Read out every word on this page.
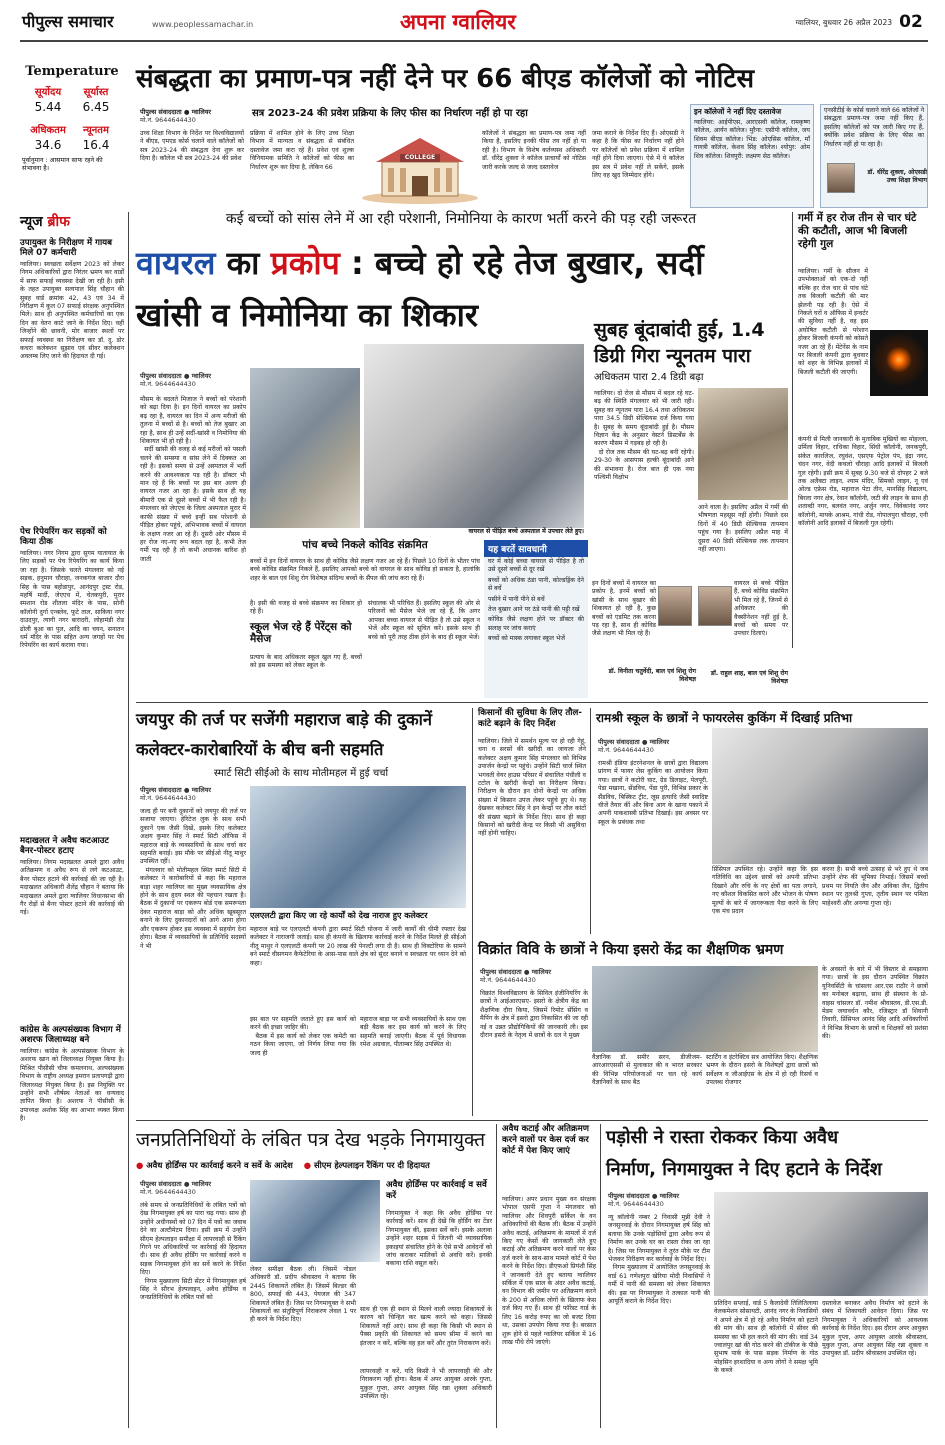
पीपुल्स समाचार	www.peoplessamachar.in	अपना ग्वालियर	ग्वालियर, बुधवार 26 अप्रैल 2023 02
Temperature
सूर्योदय	सूर्यास्त
5.44	6.45
अधिकतम	न्यूनतम
34.6	16.4
पूर्वानुमान : आसमान साफ रहने की संभावना है।
संबद्धता का प्रमाण-पत्र नहीं देने पर 66 बीएड कॉलेजों को नोटिस
पीपुल्स संवाददाता ● ग्वालियर
मो.नं. 9644644430
सत्र 2023-24 की प्रवेश प्रक्रिया के लिए फीस का निर्धारण नहीं हो पा रहा
उच्च शिक्षा विभाग के निर्देश पर विश्वविद्यालयों ने बीएड, एमएड कोर्स चलाने वाले कॉलेजों को सत्र 2023-24 की संबद्धता देना शुरू कर दिया है। कॉलेज भी सत्र 2023-24 की प्रवेश
प्रक्रिया में शामिल होने के लिए उच्च शिक्षा विभाग में मान्यता व संबद्धता से संबंधित दस्तावेज जमा करा रहे हैं। प्रवेश एवं शुल्क विनियामक समिति ने कॉलेजों को फीस का निर्धारण शुरू कर दिया है, लेकिन 66
COLLEGE
कॉलेजों ने संबद्धता का प्रमाण-पत्र जमा नहीं किया है, इसलिए इनकी फीस तय नहीं हो पा रही है। विभाग के विशेष कर्तव्यस्थ अधिकारी डॉ. धीरेंद्र शुक्ला ने कॉलेज प्राचार्यों को नोटिस जारी करके जल्द से जल्द दस्तावेज
जमा कराने के निर्देश दिए हैं। ओएसडी ने कहा है कि फीस का निर्धारण नहीं होने पर कॉलेजों को प्रवेश प्रक्रिया में शामिल नहीं होने दिया जाएगा। ऐसे में ये कॉलेज इस सत्र में प्रवेश नहीं ले सकेंगे, इसके लिए वह खुद जिम्मेदार होंगे।
इन कॉलेजों ने नहीं दिए दस्तावेज
ग्वालियर: आईपीएस, आरएसवी कॉलेज, रामकृष्ण कॉलेज, आर्यन कॉलेज। मुरैना: एसीपी कॉलेज, जय शिवम बीएड कॉलेज। भिंड: ओएसिस कॉलेज, माँ गायत्री कॉलेज, केशव सिंह कॉलेज। श्योपुर: ओम शिव कॉलेज। शिवपुरी: लक्ष्मण सेठ कॉलेज।
एनसीटीई के कोर्स चलाने वाले 66 कॉलेजों ने संबद्धता प्रमाण-पत्र जमा नहीं किए हैं, इसलिए कॉलेजों को पत्र जारी किए गए हैं, क्योंकि प्रवेश प्रक्रिया के लिए फीस का निर्धारण नहीं हो पा रहा है।
डॉ. धीरेंद्र शुक्ला, ओएसडी उच्च शिक्षा विभाग
न्यूज ब्रीफ
उपायुक्त के निरीक्षण में गायब मिले 07 कर्मचारी
ग्वालियर। स्वच्छता सर्वेक्षण 2023 को लेकर निगम अधिकारियों द्वारा निरंतर भ्रमण कर वार्डों में साफ सफाई व्यवस्था देखी जा रही है। इसी के तहत उपायुक्त सत्यपाल सिंह चौहान की सुबह वार्ड क्रमांक 42, 43 एवं 34 में निरीक्षण में कुल 07 सफाई संरक्षक अनुपस्थित मिले। साथ ही अनुपस्थित कर्मचारियों का एक दिन का वेतन काटे जाने के निर्देश दिए। वहीं जिन्होंने की छावनी, मोर बाजार स्थलों पर सफाई व्यवस्था का निरीक्षण कर डॉ. दु. डोर कचरा कलेक्शन सुझाव एवं सीवर कलेक्शन अवलम्ब लिए जाने की हिदायत दी गई।
पेच रिपेयरिंग कर सड़कों को किया ठीक
ग्वालियर। नगर निगम द्वारा सुगम यातायात के लिए सड़कों पर पेच रिपेयरिंग का कार्य किया जा रहा है। जिसके चलते मंगलवार को नई सड़क, हनुमान चौराहा, जनकगंज बाजार दौरा सिह के पास बहोडापुर, आनंदपुर ट्रस्ट रोड, महर्षि मार्दी, जेएएच में, चेतकपुरी, मुरार स्मशान रोड शीतला मंदिर के पास, सोनी कॉलोनी दुर्गा एन्क्लेव, फूटे ताल, साकिया नगर दाउदपुर, त्यागी नगर बारादरी, लोहामंडी रोड ढोली बुआ का पुल, आदि का चयन, सनातन धर्म मंदिर के पास सहित अन्य जगहों पर पेच रिपेयरिंग का कार्य कराया गया।
मदाखलत ने अवैध कटआउट बैनर-पोस्टर हटाए
ग्वालियर। निगम मदाखलत अमले द्वारा अवैध अतिक्रमण व अवैध रूप से लगे कटआउट, बैनर पोस्टर हटाने की कार्रवाई की जा रही है। मदाखलत अधिकारी शैलेंद्र चौहान ने बताया कि मदाखलत अमले द्वारा ग्वालियर विधानसभा की गैर रोड़ों से बैनर पोस्टर हटाने की कार्रवाई की गई।
कांग्रेस के अल्पसंख्यक विभाग में अशरफ जिलाध्यक्ष बने
ग्वालियर। कांग्रेस के अल्पसंख्यक विभाग के अशरफ खान को जिलाध्यक्ष नियुक्त किया है। मिश्रित पीसीसी चीफ कमलनाथ, अल्पसंख्यक विभाग के राष्ट्रीय अध्यक्ष इमरान प्रतापगढ़ी द्वारा जिलाध्यक्ष नियुक्त किया है। इस नियुक्ति पर उन्होंने सभी शीर्षस्थ नेताओं का धन्यवाद ज्ञापित किया है। अशरफ ने पीसीसी के उपाध्यक्ष अशोक सिंह का आभार व्यक्त किया है।
कई बच्चों को सांस लेने में आ रही परेशानी, निमोनिया के कारण भर्ती करने की पड़ रही जरूरत
वायरल का प्रकोप : बच्चे हो रहे तेज बुखार, सर्दी
खांसी व निमोनिया का शिकार
पीपुल्स संवाददाता ● ग्वालियर
मो.नं. 9644644430
मौसम के बदलते मिजाज ने बच्चों को परेशानी को बढ़ा दिया है। इन दिनों वायरल का प्रकोप बढ़ रहा है, वायरल का दिन में अन्य मरीजों की तुलना में बच्चों से है। बच्चों को तेज बुखार आ रहा है, साथ ही उन्हें सर्दी-खांसी व निमोनिया की शिकायत भी हो रही है।
सर्दी खांसी की वजह से कई मरीजों को पसली चलने की समस्या व सांस लेने में दिक्कत आ रही है। इसको समय से उन्हें अस्पताल में भर्ती करने की आवश्यकता पड़ रही है। डॉक्टर भी मान रहे हैं कि बच्चों पर इस बार अलग ही वायरल नजर आ रहा है। इसके साथ ही यह बीमारी एक से दूसरे बच्चों में भी फैल रही है। मंगलवार को जेएएच के जिला अस्पताल मुरार में काफी संख्या में बच्चे इन्हीं सब परेशानी से पीड़ित होकर पहुंचे, अभिभावक बच्चों में वायरल के लक्षण नजर आ रहे हैं। दूसरी ओर मौसम में हर रोज नए-नए रूप बदल रहा है, कभी तेज गर्मी पड़ रही है तो कभी अचानक बारिश हो जाती
वायरल से पीड़ित बच्चे अस्पताल में उपचार लेते हुए।
पांच बच्चे निकले कोविड संक्रमित
बच्चों में इन दिनों वायरल के साथ ही कोविड जैसे लक्षण नजर आ रहे हैं। पिछले 10 दिनों के भीतर पांच बच्चे कोविड संक्रमित निकले हैं, इसलिए आपको बच्चे को वायरल के साथ कोविड हो सकता है, हालांकि शहर के बाल एवं शिशु रोग विशेषज्ञ संदिग्ध बच्चों के सैंपल की जांच करा रहे हैं।
है। इसी की वजह से बच्चे संक्रमण का शिकार हो रहे हैं।
स्कूल भेज रहे हैं पेरेंट्स को मैसेज
प्रत्याय के बाद अधिकतर स्कूल खुल गए हैं, बच्चों को इस समस्या को लेकर स्कूल के
संचालक भी परिचित हैं। इसलिए स्कूल की ओर से परिजनों को मैसेज भेजे जा रहे हैं, कि अगर आपका बच्चा वायरल से पीड़ित है तो उसे स्कूल न भेजें और स्कूल को सूचित करें। इसके साथ ही बच्चे को पूरी तरह ठीक होने के बाद ही स्कूल भेजें।
यह बरतें सावधानी
घर में कोई बच्चा वायरल से पीड़ित है तो उसे दूसरे बच्चों से दूर रखें
बच्चों को अधिक ठंडा पानी, कोल्डड्रिंक देने से बचें
पसीने में पानी पीने से बचें
तेज बुखार आने पर ठंडे पानी की पट्टी रखें
कोविड जैसे लक्षण होने पर डॉक्टर की सलाह पर जांच कराएं
बच्चों को मास्क लगाकर स्कूल भेजें
इन दिनों बच्चों में वायरल का प्रकोप है, इनमें बच्चों को खांसी के साथ बुखार की शिकायत हो रही है, कुछ बच्चों को एडमिट तक करना पड़ रहा है, साथ ही कोविड जैसे लक्षण भी मिल रहे हैं।
डॉ. विनीता चतुर्वेदी, बाल एवं शिशु रोग विशेषज्ञ
वायरल से बच्चे पीड़ित हैं, बच्चे कोविड संक्रमित भी मिल रहे हैं, जिनमें से अधिकतर की वैक्सीनेशन नहीं हुई है, बच्चों को समय पर उपचार दिलाएं।
डॉ. राहुल शाह, बाल एवं शिशु रोग विशेषज्ञ
सुबह बूंदाबांदी हुई, 1.4
डिग्री गिरा न्यूनतम पारा
अधिकतम पारा 2.4 डिग्री बढ़ा
ग्वालियर। दो रोज से मौसम में बदल रहे घट-बढ़ की स्थिति मंगलवार को भी जारी रही। सुबह का न्यूनतम पारा 16.4 तथा अधिकतम पारा 34.5 डिग्री सेल्सियस दर्ज किया गया है। सुबह के समय बूंदाबांदी हुई है। मौसम विज्ञान केंद्र के अनुसार वेस्टर्न डिस्टर्बेंस के कारण मौसम में गड़बड़ हो रही है।
दो रोज तक मौसम की घट-बढ़ बनी रहेगी। 29-30 के आसपास हल्की बूंदाबांदी आने की संभावना है। रोज बात ही एक नया पश्चिमी विक्षोभ
आने वाला है। इसलिए अप्रैल में गर्मी की भीषणता महसूस नहीं होगी। पिछले दस दिनों में 40 डिग्री सेल्सियस तापमान पहुंच गया है। इसलिए अप्रैल माह में दूसरा 40 डिग्री सेल्सियस तक तापमान नहीं जाएगा।
गर्मी में हर रोज तीन से चार घंटे की कटौती, आज भी बिजली रहेगी गुल
ग्वालियर। गर्मी के सीजन में उपभोक्ताओं को एक-दो नहीं बल्कि हर रोज चार से पांच घंटे तक बिजली कटौती की मार झेलनी पड़ रही है। ऐसे में निकले घरों व ऑफिस में इन्वर्टर की सुविधा नहीं है, वह इस अघोषित कटौती से परेशान होकर बिजली कंपनी को कोसते नजर आ रहे हैं। मेंटेनेंस के नाम पर बिजली कंपनी द्वारा बुधवार को शहर के विभिन्न इलाकों में बिजली कटौती की जाएगी।
कंपनी से मिली जानकारी के मुताबिक मुखियों का मोहल्ला, उर्मिला विहार, राधिका विहार, सिंधी कॉलोनी, जनकपुरी, संकेत कारलिज, रघुवंश, एसएफ पेट्रोल पंप, इंद्रा नगर, चंदन नगर, वेदी कचलो चौराहा आदि इलाकों में बिजली गुल रहेगी। इसी क्रम में सुबह 9.30 बजे से दोपहर 2 बजे तक अलैक्टा लाइन, श्याम मंदिर, सिमको लाइन, नू एवं ओल्ड एफ्रेस रोड, महाराज पेटा तीन, मानसिंह विद्यालय, बिरला नगर क्षेत्र, रेवान कॉलोनी, जटी की लाइन के साथ ही शताब्दी नगर, बलवंत नगर, अर्जुन नगर, विवेकानंद नगर कॉलोनी, मायके आश्रम, गांधी रोड, गोपालपुरा चौराहा, एनी कॉलोनी आदि इलाकों में बिजली गुल रहेगी।
जयपुर की तर्ज पर सजेंगी महाराज बाड़े की दुकानें
कलेक्टर-कारोबारियों के बीच बनी सहमति
स्मार्ट सिटी सीईओ के साथ मोतीमहल में हुई चर्चा
पीपुल्स संवाददाता ● ग्वालियर
मो.नं. 9644644430
जल्द ही पर बनी दुकानों को जयपुर की तर्ज पर सजाया जाएगा। हेरिटेज लुक के साथ सभी दुकानें एक जैसी दिखें, इसके लिए कलेक्टर अक्षय कुमार सिंह ने स्मार्ट सिटी ऑफिस में महाराज बाड़े के व्यवसायियों के साथ चर्चा कर सहमति बनाई। इस मौके पर सीईओ नीतू माथुर उपस्थित रहीं।
मंगलवार को मोतीमहल स्थित स्मार्ट सिटी में कलेक्टर ने कारोबारियों से कहा कि महाराज बाड़ा शहर ग्वालियर का मुख्य व्यवसायिक क्षेत्र होने के साथ हृदय स्थल की पहचान रखता है। बैठक में दुकानों पर एकरूप बोर्ड एक समरूपता देकर महाराज बाड़ा को और अधिक खूबसूरत बनाने के लिए दुकानदारों को आगे आना होगा और एकरूप होकर इस व्यवस्था में सहयोग देना होगा। बैठक में व्यवसायियों के प्रतिनिधि सदस्यों ने भी
एलएलटी द्वारा किए जा रहे कार्यों को देख नाराज हुए कलेक्टर
महाराज बाड़े पर एलएलटी कंपनी द्वारा स्मार्ट सिटी योजना में जारी कार्यों की धीमी रफ्तार देख कलेक्टर ने नाराजगी जताई। साथ ही कंपनी के खिलाफ कार्रवाई करने के निर्देश मिलते ही सीईओ नीतू माथुर ने एलएलटी कंपनी पर 20 लाख की पेनल्टी लगा दी है। साथ ही विक्टोरिया के सामने बने स्मार्ट वीसगमन कैफेटेरिया के आस-पास वाले क्षेत्र को सुंदर बनाने व स्वच्छता पर ध्यान देने को कहा।
इस बात पर सहमति जताते हुए इस कार्य को करने की इच्छा जाहिर की।
बैठक में इस कार्य को लेकर एक कमेटी का गठन किया जाएगा, जो निर्णय लिया गया कि जल्द ही
महाराज बाड़ा पर सभी व्यवसायियों के साथ एक बड़ी बैठक कर इस कार्य को करने के लिए सहमति बनाई जाएगी। बैठक में पूर्व विधायक रमेश अग्रवाल, पीताम्बर सिंह उपस्थित थे।
किसानों की सुविधा के लिए तौल-कांटे बढ़ाने के दिए निर्देश
ग्वालियर। जिले में समर्थन मूल्य पर हो रही गेहूं, चना व सरसों की खरीदी का जायजा लेने कलेक्टर अक्षय कुमार सिंह मंगलवार को विभिन्न उपार्जन केन्द्रों पर पहुंचे। उन्होंने सिटी चार्ज स्थित भगवती वेयर हाउस परिसर में संचालित पंचीली व टटोल के खरीदी केन्द्रों का निरीक्षण किया। निरीक्षण के दौरान इन दोनों केन्द्रों पर अधिक संख्या में किसान उपज लेकर पहुंचे हुए थे। यह देखकर कलेक्टर सिंह ने इन केन्द्रों पर तौल कांटों की संख्या बढ़ाने के निर्देश दिए। साथ ही कहा किसानों को खरीदी केन्द्र पर किसी भी असुविधा नहीं होनी चाहिए।
रामश्री स्कूल के छात्रों ने फायरलेस कुकिंग में दिखाई प्रतिभा
पीपुल्स संवाददाता ● ग्वालियर
मो.नं. 9644644430
रामश्री इंडिया इंटरनेशनल के छात्रों द्वारा विद्यालय प्रांगण में फायर लेस कुकिंग का आयोजन किया गया। छात्रों ने कटोरी चाट, ग्रेड डिलाइट, पेलपूरी, पेडा मखाना, सेंडविच, पेंडा पुरी, विभिन्न प्रकार के सैंडविच, बिस्किट ट्रीट, जूस इत्यादि जैसी स्वादिष्ट चीजें तैयार कीं और बिना आग के खाना पकाने में अपनी पाकशास्त्री प्रतिभा दिखाई। इस अवसर पर स्कूल के प्रबंधक तथा
प्रिंसिपल उपस्थित रहे। उन्होंने कहा कि इस गतिविधि का उद्देश्य छात्रों को अपनी प्रतिभा दिखाने और रुचि के नए क्षेत्रों का पता लगाने, नए कौशल विकसित करने और भोजन के पोषण मूल्यों के बारे में जागरूकता पैदा करने के लिए एक मंच प्रदान
करना है। सभी बच्चे उत्साह से भरे हुए थे जब उन्होंने शेफ की भूमिका निभाई। जिसमें बच्चों प्रथम पर नियति जैन और अविका जैन, द्वितीय स्थान पर तुलश्री गुप्ता, तृतीय स्थान पर पमिता माहेश्वरी और अनन्या गुप्ता रहे।
विक्रांत विवि के छात्रों ने किया इसरो केंद्र का शैक्षणिक भ्रमण
पीपुल्स संवाददाता ● ग्वालियर
मो.नं. 9644644430
विक्रांत विश्वविद्यालय के सिविल इंजीनियरिंग के छात्रों ने आईआरएसए- इसरो के क्षेत्रीय केंद्र का शैक्षणिक दौरा किया, जिसमें रिमोट सेंसिंग व मैपिंग के क्षेत्र में इसरो द्वारा निकासित की जा रही नई व उन्नत प्रौद्योगिकियों की जानकारी ली। इस दौरान इसरो के नेतृत्व में छात्रों के दल ने मुख्य
वैज्ञानिक डॉ. समीर सरन, डीजीजम- आरआरएससी से मुलाकात की व भारत सरकार की विभिन्न परियोजनाओं पर चल रहे कार्य वैज्ञानिकों के साथ बैठ
स्टार्टिंग व इंटरेक्टिव सत्र आयोजित किए। शैक्षणिक भ्रमण के दौरान इसरो के विशेषज्ञों द्वारा छात्रों को सर्वेक्षण व जीआईएस के क्षेत्र में हो रही रिसर्च व उपलब्ध रोजगार
के अवसरों के बारे में भी विस्तार से समझाया गया। छात्रों के इस दौरान उपस्थित विक्रांत यूनिवर्सिटी के चांसलर आर.एस राठौर ने छात्रों का मनोबल बढ़ाया, साथ ही संस्थान के प्रो-वाइस चांसलर डॉ. नमीश श्रीवास्तव, डी.एस.डी. मेडम जयावर्धन कौर, रजिस्ट्रार डॉ शिवानी तिवारी, प्रिंसिपल आनंद सिंह आदि अधिकारियों ने विभिन्न विभाग के छात्रों व शिक्षकों को प्रशंसा की।
जनप्रतिनिधियों के लंबित पत्र देख भड़के निगमायुक्त
● अवैध होर्डिंग्स पर कार्रवाई करने व सर्वे के आदेश ● सीएम हेल्पलाइन रैंकिंग पर दी हिदायत
पीपुल्स संवाददाता ● ग्वालियर
मो.नं. 9644644430
लंबे समय से जनप्रतिनिधियों के लंबित पत्रों को देख निगमायुक्त हर्ष का पारा चढ़ गया। साथ ही उन्होंने अधीनस्थों को 07 दिन में पत्रों का जवाब देने का अल्टीमेटम दिया। इसी क्रम में उन्होंने सीएम हेल्पलाइन समीक्षा में लापरवाही से रैंकिंग गिरने पर अधिकारियों पर कार्रवाई की हिदायत दी। साथ ही अवैध होर्डिंग पर कार्रवाई करने व सड़क निगमायुक्त होने का सर्वे करने के निर्देश दिए।
निगम मुख्यालय सिटी सेंटर में निगमायुक्त हर्ष सिंह ने सौरभ हेल्पलाइन, अवैध होर्डिंग्स व जनप्रतिनिधियों के लंबित पत्रों को
लेकर समीक्षा बैठक ली। जिसमें नोडल अधिकारी डॉ. प्रदीप श्रीवास्तव ने बताया कि 2445 शिकायतें लंबित हैं। जिसमें बिल्डर की 800, सफाई की 443, पेयजल की 347 शिकायतें लंबित हैं। जिस पर निगमायुक्त ने सभी शिकायतों का संतुष्टिपूर्ण निराकरण लेवल 1 पर ही करने के निर्देश दिए।
अवैध होर्डिंग्स पर कार्रवाई व सर्वे करें
निगमायुक्त ने कहा कि अवैध होर्डिंग्स पर कार्रवाई करें। साथ ही देखें कि होर्डिंग का टेंडर निगमायुक्त की, इसका सर्वे करें। इसके अलावा उन्होंने शहर सड़क में जितनी भी व्यावसायिक इकाइयां संचालित होने के ऐसे सभी आवेदनों को जांच कराकर मालिकों से अवधि करें। इनकी बकाया राशि वसूल करें।
साथ ही एक ही स्थान से मिलने वाली ज्यादा शिकायतों के कारण को चिन्हित कर खत्म करने को कहा। जिससे शिकायतें नहीं आएं। साथ ही कहा कि किसी भी स्थान से पैक्स प्रकृति की शिकायत को समय सीमा में करने का इंतजार न करें, बल्कि वह हल करें और तुरंत निराकरण करें।
लापरवाही न करें, यदि किसी ने भी लापरवाही की और निराकरण नहीं होगा। बैठक में अपर आयुक्त आरके गुप्ता, मुकुल गुप्ता, अपर आयुक्त सिंह रन्ना शुक्ला अधिकारी उपस्थित रहे।
अवैध कटाई और अतिक्रमण करने वालों पर केस दर्ज कर कोर्ट में पेश किए जाएं
ग्वालियर। अपर प्रधान मुख्य वन संरक्षक भोपाल एसपी गुप्ता ने मंगलवार को ग्वालियर और शिवपुरी सर्किल के वन अधिकारियों की बैठक ली। बैठक में उन्होंने अवैध कटाई, अतिक्रमण के मामलों में दर्ज किए गए केसों की जानकारी लेते हुए कटाई और अतिक्रमण करने वालों पर केस दर्ज करने के साथ-साथ मामले कोर्ट में पेश करने के निर्देश दिए। डीएफओ प्रियंशी सिंह ने जानकारी देते हुए बताया ग्वालियर सर्किल में एक साल के अंदर अवैध कटाई, वन विभाग की जमीन पर अतिक्रमण करने के 200 से अधिक लोगों के खिलाफ केस दर्ज किए गए हैं। साथ ही फॉरेस्ट गार्ड के लिए 16 करोड़ रुपए का जो बजट दिया था, उसका उपयोग किया गया है। बरसात शुरू होने से पहले ग्वालियर सर्किल में 16 लाख पौधे रोपे जाएंगे।
पड़ोसी ने रास्ता रोककर किया अवैध
निर्माण, निगमायुक्त ने दिए हटाने के निर्देश
पीपुल्स संवाददाता ● ग्वालियर
मो.नं. 9644644430
न्यू कॉलोनी नम्बर 2 निवासी मुन्नी देवी ने जनसुनवाई के दौरान निगमायुक्त हर्ष सिंह को बताया कि उनके पड़ोसियों द्वारा अवैध रूप से निर्माण कर उनके घर का रास्ता रोका जा रहा है। जिस पर निगमायुक्त ने तुरंत मौके पर टीम भेजकर निरीक्षण कर कार्रवाई के निर्देश दिए।
निगम मुख्यालय में आयोजित जनसुनवाई के वार्ड 61 गणेशपुरा खेरिया मोदी निवासियों ने गर्मी में पानी की समस्या को लेकर शिकायत की। इस पर निगमायुक्त ने तत्काल पानी की आपूर्ति कराने के निर्देश दिए।	प्रतिदिन सप्लाई, वार्ड 5 कैलादेवी तिलितिलाया वेलकमेशन सोसायटी, आनंद नगर के निवासियों ने अपने क्षेत्र में हो रहे अवैध निर्माण को हटाने की मांग की। साथ ही कॉलोनी में सीवर की समस्या का भी हल करने की मांग की। वार्ड 34 ज्वालपुर खां की गोठ करने की टॉकीज के पीछे सुभाष पार्क के पास सड़क निर्माण के गोठ मोहसिन इरशादिया व अन्य लोगों ने समक्ष भूमि के कब्जे
दस्तावेज बनाकर अवैध निर्माण को हटाने के संबंध में शिकायती आवेदन दिया। जिस पर निगमायुक्त ने अधिकारियों को आवश्यक कार्रवाई के निर्देश दिए। इस दौरान अपर आयुक्त मुकुल गुप्ता, अपर आयुक्त आरके श्रीवास्तव, मुकुल गुप्ता, अपर आयुक्त सिंह रन्ना शुक्ला व उपायुक्त डॉ. प्रदीप श्रीवास्तव उपस्थित रहे।
